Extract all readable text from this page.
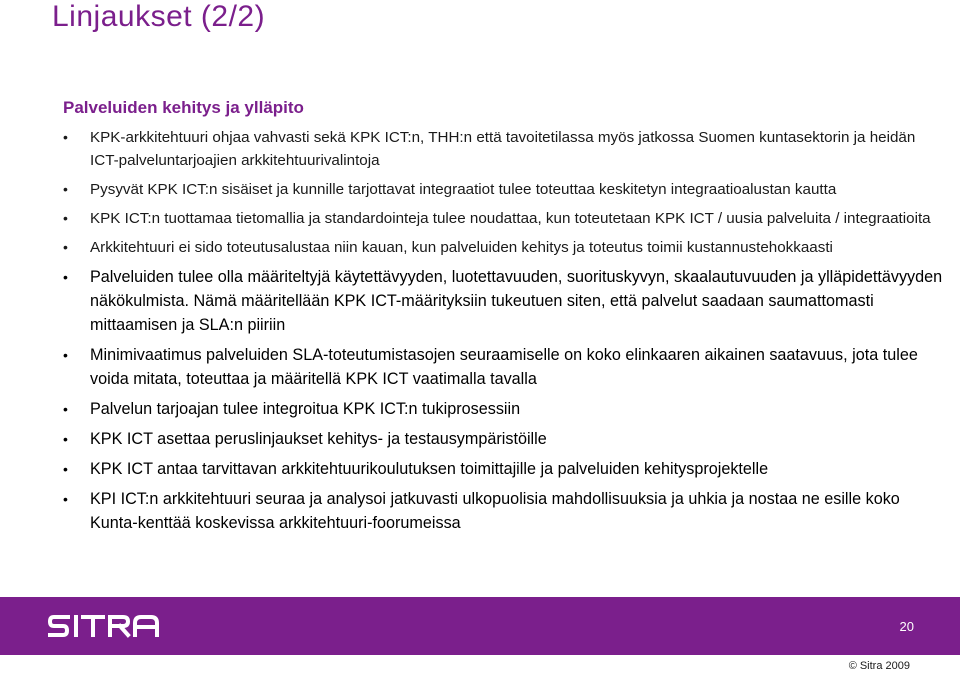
Linjaukset (2/2)
Palveluiden kehitys ja ylläpito
• KPK-arkkitehtuuri ohjaa vahvasti sekä KPK ICT:n, THH:n että tavoitetilassa myös jatkossa Suomen kuntasektorin ja heidän ICT-palveluntarjoajien arkkitehtuurivalintoja
• Pysyvät KPK ICT:n sisäiset ja kunnille tarjottavat integraatiot tulee toteuttaa keskitetyn integraatioalustan kautta
• KPK ICT:n tuottamaa tietomallia ja standardointeja tulee noudattaa, kun toteutetaan KPK ICT / uusia palveluita / integraatioita
• Arkkitehtuuri ei sido toteutusalustaa niin kauan, kun palveluiden kehitys ja toteutus toimii kustannustehokkaasti
• Palveluiden tulee olla määriteltyjä käytettävyyden, luotettavuuden, suorituskyvyn, skaalautuvuuden ja ylläpidettävyyden näkökulmista. Nämä määritellään KPK ICT-määrityksiin tukeutuen siten, että palvelut saadaan saumattomasti mittaamisen ja SLA:n piiriin
• Minimivaatimus palveluiden SLA-toteutumistasojen seuraamiselle on koko elinkaaren aikainen saatavuus, jota tulee voida mitata, toteuttaa ja määritellä KPK ICT vaatimalla tavalla
• Palvelun tarjoajan tulee integroitua KPK ICT:n tukiprosessiin
• KPK ICT asettaa peruslinjaukset kehitys- ja testausympäristöille
• KPK ICT antaa tarvittavan arkkitehtuurikoulutuksen toimittajille ja palveluiden kehitysprojektelle
• KPI ICT:n arkkitehtuuri seuraa ja analysoi jatkuvasti ulkopuolisia mahdollisuuksia ja uhkia ja nostaa ne esille koko Kunta-kenttää koskevissa arkkitehtuuri-foorumeissa
20
© Sitra 2009
